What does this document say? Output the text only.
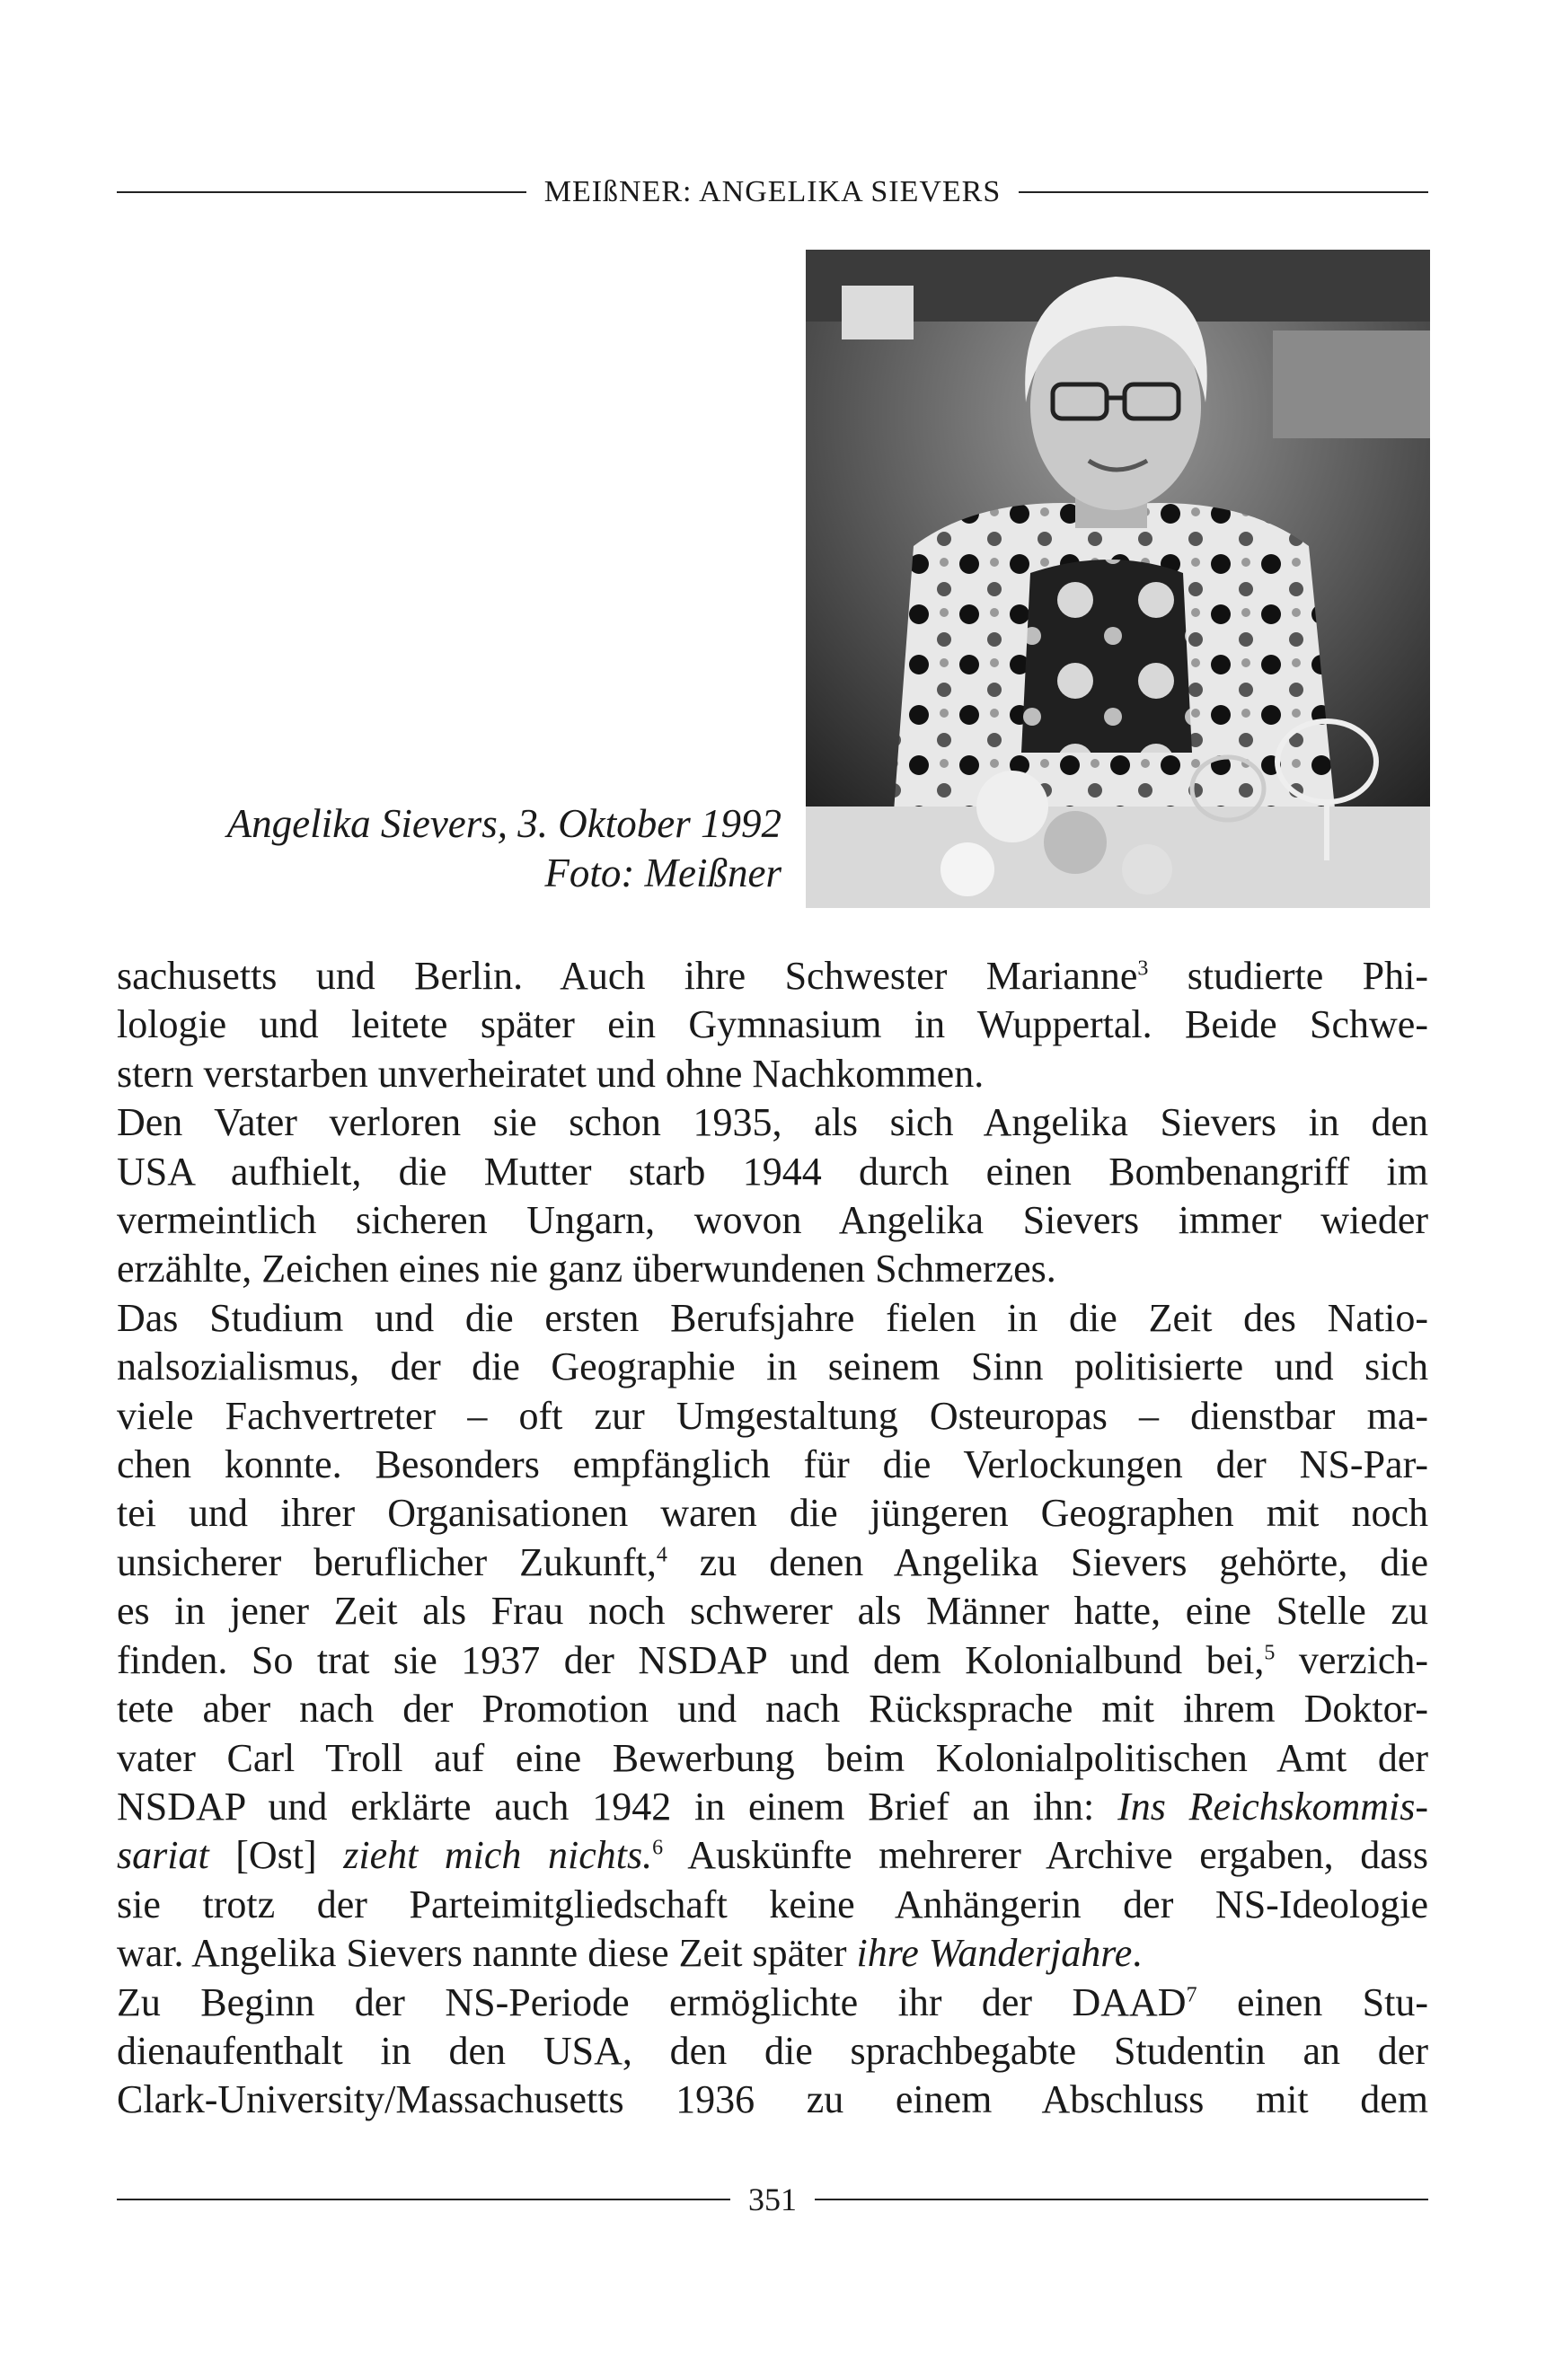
MEIßNER: ANGELIKA SIEVERS
Angelika Sievers, 3. Oktober 1992
Foto: Meißner

sachusetts und Berlin. Auch ihre Schwester Marianne$^3$ studierte Phi-
lologie und leitete später ein Gymnasium in Wuppertal. Beide Schwe-
stern verstarben unverheiratet und ohne Nachkommen.

Den Vater verloren sie schon 1935, als sich Angelika Sievers in den
USA aufhielt, die Mutter starb 1944 durch einen Bombenangriff im
vermeintlich sicheren Ungarn, wovon Angelika Sievers immer wieder
erzählte, Zeichen eines nie ganz überwundenen Schmerzes.

Das Studium und die ersten Berufsjahre fielen in die Zeit des Natio-
nalsozialismus, der die Geographie in seinem Sinn politisierte und sich
viele Fachvertreter – oft zur Umgestaltung Osteuropas – dienstbar ma-
chen konnte. Besonders empfänglich für die Verlockungen der NS-Par-
tei und ihrer Organisationen waren die jüngeren Geographen mit noch
unsicherer beruflicher Zukunft,$^4$ zu denen Angelika Sievers gehörte, die
es in jener Zeit als Frau noch schwerer als Männer hatte, eine Stelle zu
finden. So trat sie 1937 der NSDAP und dem Kolonialbund bei,$^5$ verzich-
tete aber nach der Promotion und nach Rücksprache mit ihrem Doktor-
vater Carl Troll auf eine Bewerbung beim Kolonialpolitischen Amt der
NSDAP und erklärte auch 1942 in einem Brief an ihn: Ins Reichskommis-
sariat [Ost] zieht mich nichts.$^6$ Auskünfte mehrerer Archive ergaben, dass
sie trotz der Parteimitgliedschaft keine Anhängerin der NS-Ideologie
war. Angelika Sievers nannte diese Zeit später ihre Wanderjahre.

Zu Beginn der NS-Periode ermöglichte ihr der DAAD$^7$ einen Stu-
dienaufenthalt in den USA, den die sprachbegabte Studentin an der
Clark-University/Massachusetts 1936 zu einem Abschluss mit dem

351
